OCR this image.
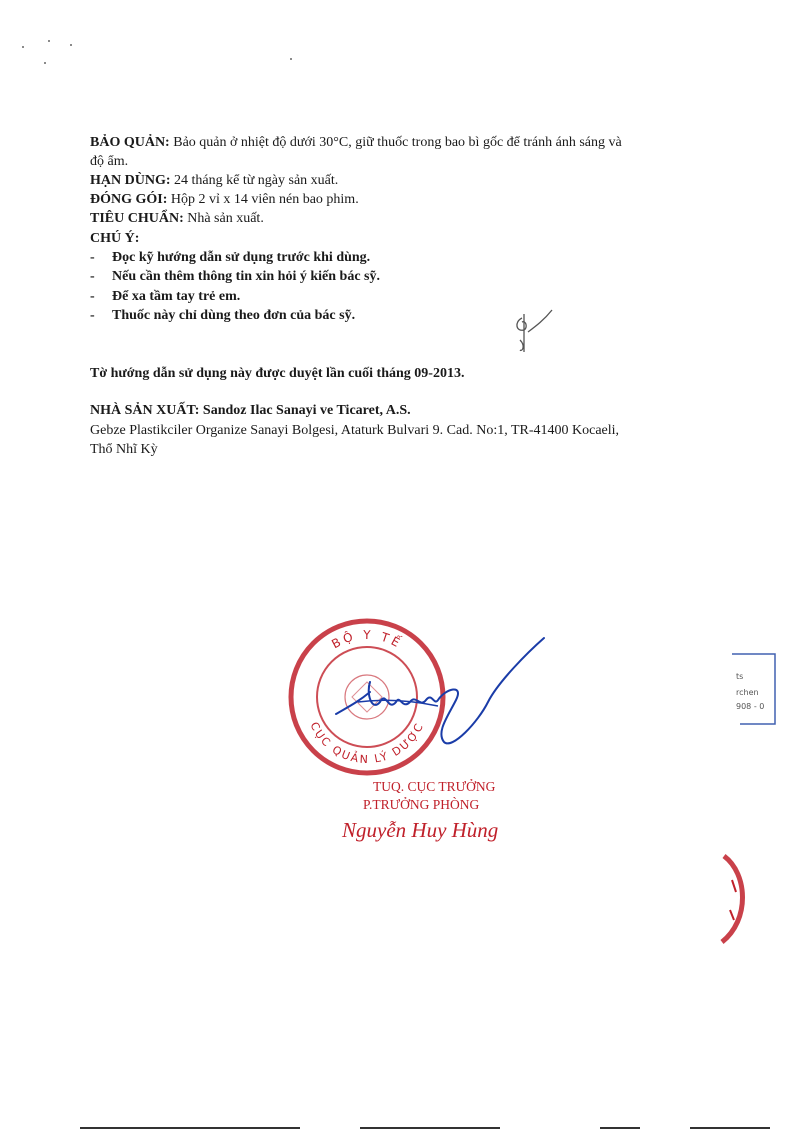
BẢO QUẢN: Bảo quản ở nhiệt độ dưới 30°C, giữ thuốc trong bao bì gốc để tránh ánh sáng và
độ ẩm.
HẠN DÙNG: 24 tháng kể từ ngày sản xuất.
ĐÓNG GÓI: Hộp 2 vỉ x 14 viên nén bao phim.
TIÊU CHUẨN: Nhà sản xuất.
CHÚ Ý:
- Đọc kỹ hướng dẫn sử dụng trước khi dùng.
- Nếu cần thêm thông tin xin hỏi ý kiến bác sỹ.
- Để xa tầm tay trẻ em.
- Thuốc này chỉ dùng theo đơn của bác sỹ.
Tờ hướng dẫn sử dụng này được duyệt lần cuối tháng 09-2013.
NHÀ SẢN XUẤT: Sandoz Ilac Sanayi ve Ticaret, A.S.
Gebze Plastikciler Organize Sanayi Bolgesi, Ataturk Bulvari 9. Cad. No:1, TR-41400 Kocaeli,
Thổ Nhĩ Kỳ
BỘ Y TẾ
CỤC QUẢN LÝ DƯỢC
TUQ. CỤC TRƯỞNG
P.TRƯỞNG PHÒNG
Nguyễn Huy Hùng
ts
rchen
908 - 0
